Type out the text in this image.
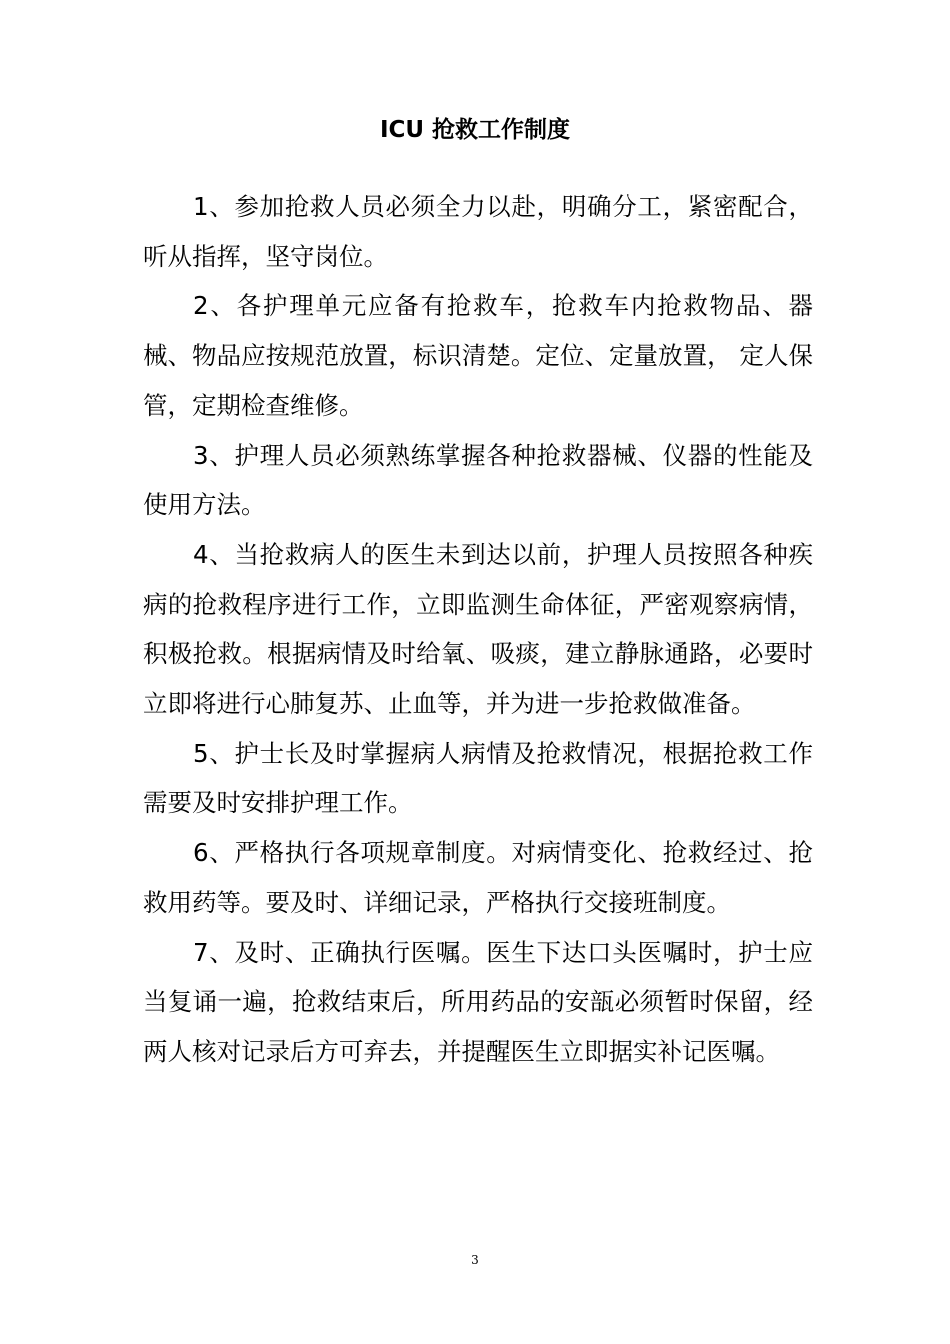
ICU 抢救工作制度

1、参加抢救人员必须全力以赴，明确分工，紧密配合，听从指挥，坚守岗位。

2、各护理单元应备有抢救车，抢救车内抢救物品、器械、物品应按规范放置，标识清楚。定位、定量放置， 定人保管，定期检查维修。

3、护理人员必须熟练掌握各种抢救器械、仪器的性能及使用方法。

4、当抢救病人的医生未到达以前，护理人员按照各种疾病的抢救程序进行工作，立即监测生命体征，严密观察病情，积极抢救。根据病情及时给氧、吸痰，建立静脉通路，必要时立即将进行心肺复苏、止血等，并为进一步抢救做准备。

5、护士长及时掌握病人病情及抢救情况，根据抢救工作需要及时安排护理工作。

6、严格执行各项规章制度。对病情变化、抢救经过、抢救用药等。要及时、详细记录，严格执行交接班制度。

7、及时、正确执行医嘱。医生下达口头医嘱时，护士应当复诵一遍，抢救结束后，所用药品的安瓿必须暂时保留，经两人核对记录后方可弃去，并提醒医生立即据实补记医嘱。

3
